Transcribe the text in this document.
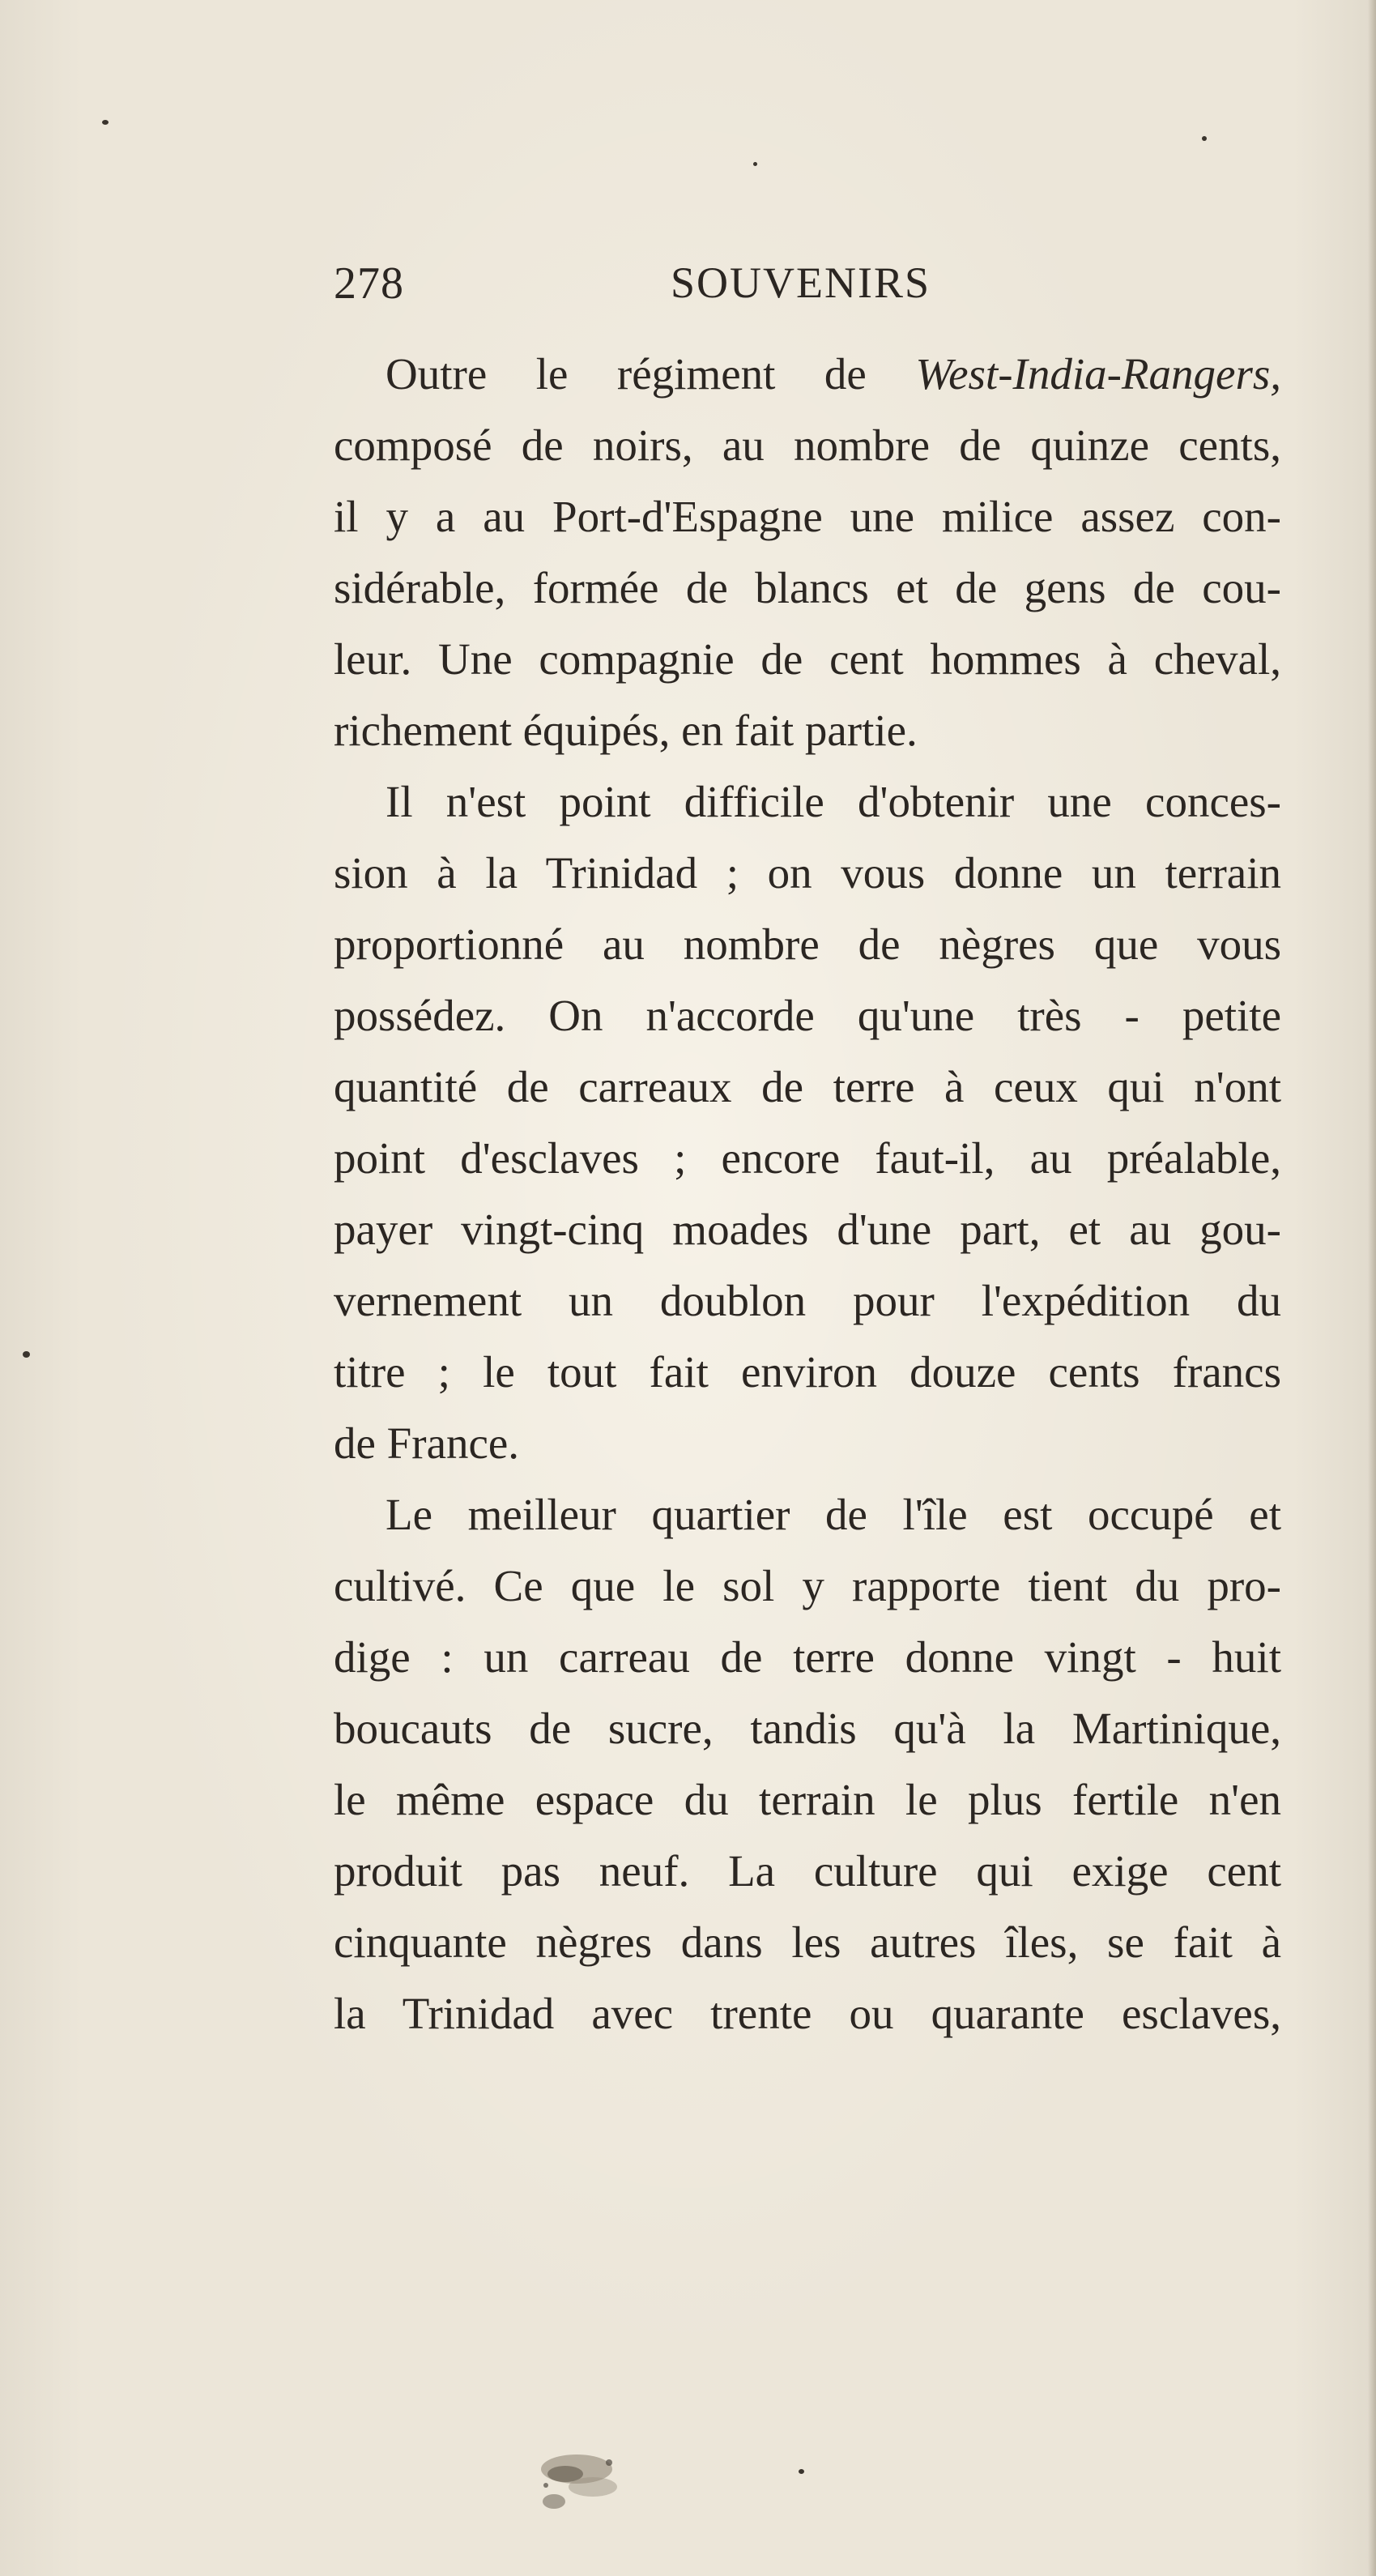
278	SOUVENIRS
Outre le régiment de West-India-Rangers,
composé de noirs, au nombre de quinze cents,
il y a au Port-d'Espagne une milice assez con-
sidérable, formée de blancs et de gens de cou-
leur. Une compagnie de cent hommes à cheval,
richement équipés, en fait partie.
Il n'est point difficile d'obtenir une conces-
sion à la Trinidad ; on vous donne un terrain
proportionné au nombre de nègres que vous
possédez. On n'accorde qu'une très - petite
quantité de carreaux de terre à ceux qui n'ont
point d'esclaves ; encore faut-il, au préalable,
payer vingt-cinq moades d'une part, et au gou-
vernement un doublon pour l'expédition du
titre ; le tout fait environ douze cents francs
de France.
Le meilleur quartier de l'île est occupé et
cultivé. Ce que le sol y rapporte tient du pro-
dige : un carreau de terre donne vingt - huit
boucauts de sucre, tandis qu'à la Martinique,
le même espace du terrain le plus fertile n'en
produit pas neuf. La culture qui exige cent
cinquante nègres dans les autres îles, se fait à
la Trinidad avec trente ou quarante esclaves,
